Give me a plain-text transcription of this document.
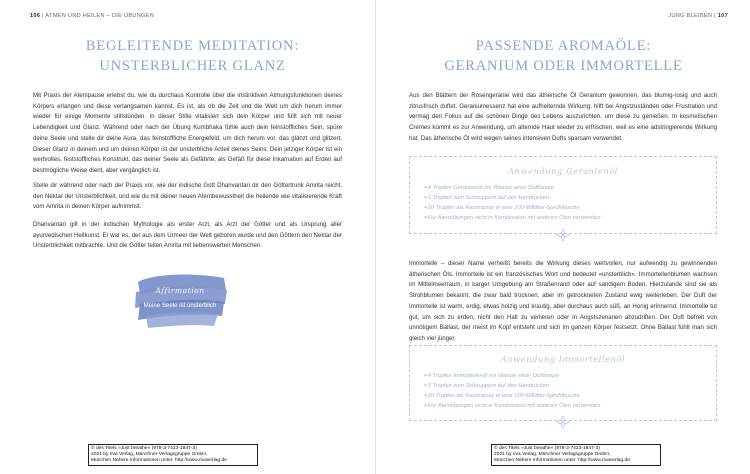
106 | ATMEN UND HEILEN – DIE ÜBUNGEN
BEGLEITENDE MEDITATION:
UNSTERBLICHER GLANZ
Mit Praxis der Atempause erlebst du, wie du durchaus Kontrolle über die instinktiven Atmungsfunktionen deines Körpers erlangen und diese verlangsamen kannst. Es ist, als ob die Zeit und die Welt um dich herum immer wieder für einige Momente stillstünden. In dieser Stille vitalisiert sich dein Körper und füllt sich mit neuer Lebendigkeit und Glanz. Während oder nach der Übung Kumbhaka fühle auch dein feinstoffliches Sein, spüre deine Seele und stelle dir deine Aura, das feinstoffliche Energiefeld, um dich herum vor, das glänzt und glitzert. Dieser Glanz in deinem und um deinen Körper ist der unsterbliche Anteil deines Seins. Dein jetziger Körper ist ein wertvolles, feststoffliches Konstrukt, das deiner Seele als Gefährte, als Gefäß für diese Inkarnation auf Erden auf bestmögliche Weise dient, aber vergänglich ist.
Stelle dir während oder nach der Praxis vor, wie der indische Gott Dhanvantari dir den Göttertrunk Amrita reicht, den Nektar der Unsterblichkeit, und wie du mit deiner neuen Atembewusstheit die heilende wie vitalisierende Kraft vom Amrita in deinen Körper aufnimmst.
Dhanvantari gilt in der indischen Mythologie als erster Arzt, als Arzt der Götter und als Ursprung aller ayurvedischen Heilkunst. Er war es, der aus dem Urmeer der Welt geboren wurde und den Göttern den Nektar der Unsterblichkeit mitbrachte. Und die Götter teilen Amrita mit liebenswerten Menschen.
Affirmation
Meine Seele ist unsterblich
© des Titels »Just breathe« (978-3-7423-1847-3)
2021 by riva Verlag, Münchner Verlagsgruppe GmbH,
München Nähere Informationen unter: http://www.rivaverlag.de
JUNG BLEIBEN | 107
PASSENDE AROMAÖLE:
GERANIUM ODER IMMORTELLE
Aus den Blättern der Rosengeranie wird das ätherische Öl Geranium gewonnen, das blumig-rosig und auch zitrusfrisch duftet. Geraniumessenz hat eine aufheiternde Wirkung, hilft bei Angstzuständen oder Frustration und vermag den Fokus auf die schönen Dinge des Lebens auszurichten, um diese zu genießen. In kosmetischen Cremes kommt es zur Anwendung, um alternde Haut wieder zu erfrischen, weil es eine adstringierende Wirkung hat. Das ätherische Öl wird wegen seines intensiven Dufts sparsam verwendet.
Anwendung Geranienöl
◆ 4 Tropfen Geraniumöl ins Wasser einer Duftlampe
◆ 1 Tropfen zum Schnuppern auf den Handrücken
◆ 10 Tropfen als Raumspray in eine 100-Milliliter-Sprühflasche
◆ Für Atemübungen nicht in Kombination mit anderen Ölen verwenden
Immortelle – dieser Name verheißt bereits die Wirkung dieses wertvollen, nur aufwendig zu gewinnenden ätherischen Öls. Immortelle ist ein französisches Wort und bedeutet »unsterblich«. Immortellenblumen wachsen im Mittelmeerraum, in karger Umgebung am Straßenrand oder auf sandigem Boden. Hierzulande sind sie als Strohblumen bekannt, die zwar bald trocknen, aber im getrockneten Zustand ewig weiterleben. Der Duft der Immortelle ist warm, erdig, etwas holzig und krautig, aber durchaus auch süß, an Honig erinnernd. Immortelle tut gut, um sich zu erden, nicht den Halt zu verlieren oder in Angstszenarien abzudriften. Der Duft befreit von unnötigem Ballast, der meist im Kopf entsteht und sich im ganzen Körper festsetzt. Ohne Ballast fühlt man sich gleich viel jünger.
Anwendung Immortellenöl
◆ 4 Tropfen Immortellenöl ins Wasser einer Duftlampe
◆ 3 Tropfen zum Schnuppern auf den Handrücken
◆ 20 Tropfen als Raumspray in eine 100-Milliliter-Sprühflasche
◆ Für Atemübungen nicht in Kombination mit anderen Ölen verwenden
© des Titels »Just breathe« (978-3-7423-1847-3)
2021 by riva Verlag, Münchner Verlagsgruppe GmbH,
München Nähere Informationen unter: http://www.rivaverlag.de
